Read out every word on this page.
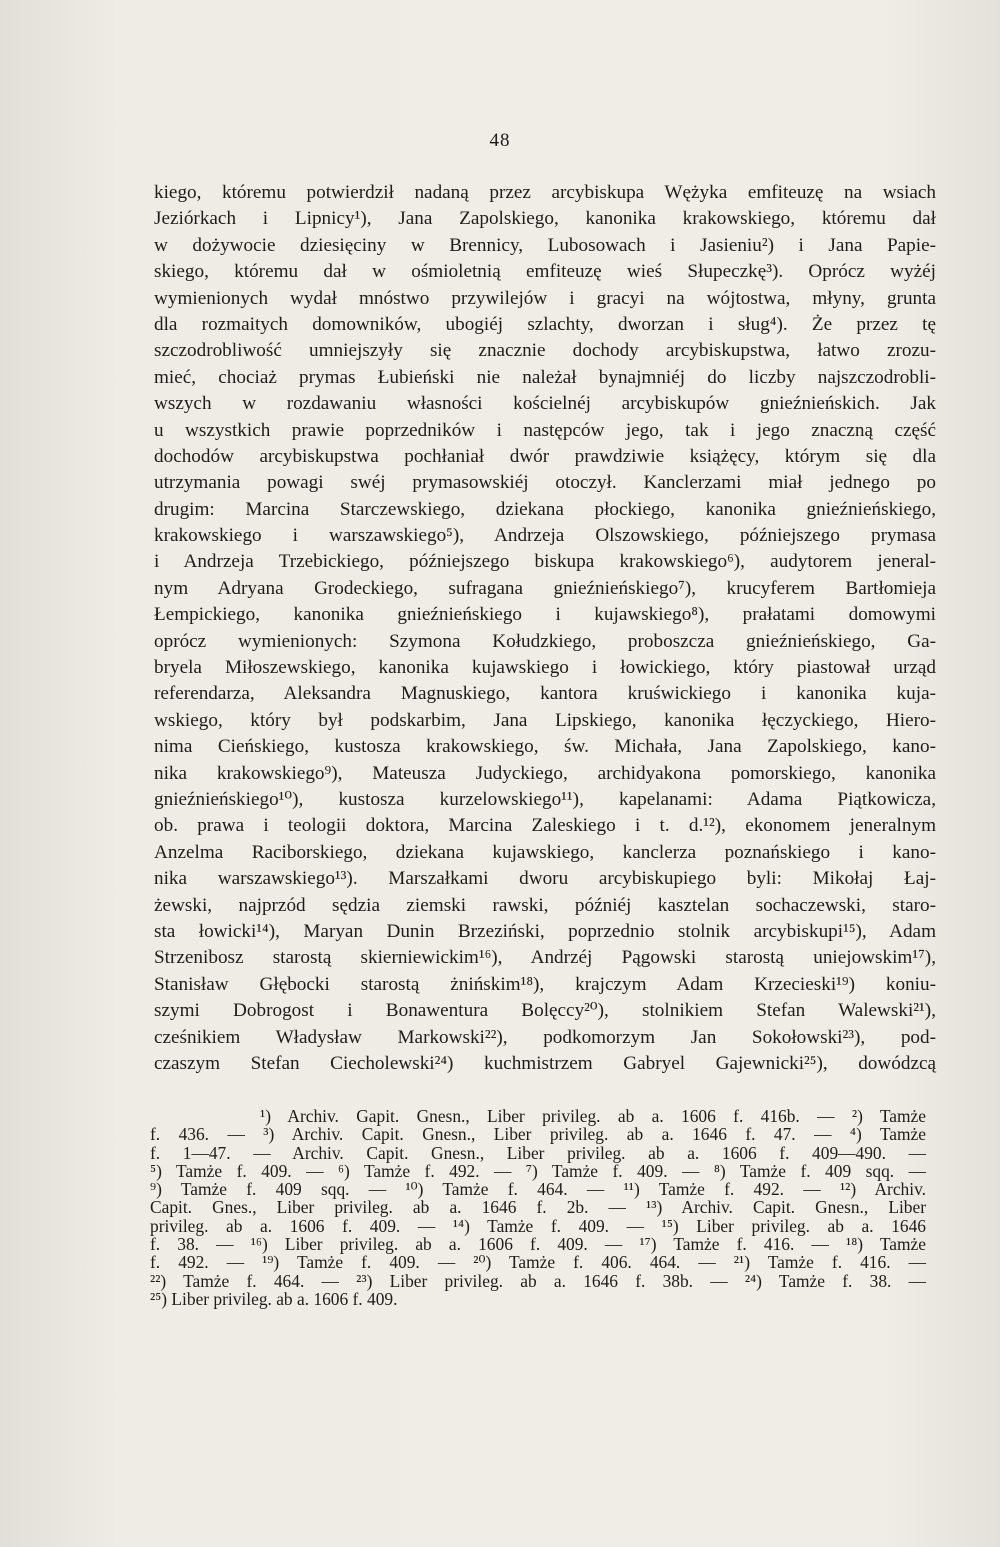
48
kiego, któremu potwierdził nadaną przez arcybiskupa Wężyka emfiteuzę na wsiach
Jeziórkach i Lipnicy¹), Jana Zapolskiego, kanonika krakowskiego, któremu dał
w dożywocie dziesięciny w Brennicy, Lubosowach i Jasieniu²) i Jana Papie-
skiego, któremu dał w ośmioletnią emfiteuzę wieś Słupeczkę³). Oprócz wyżéj
wymienionych wydał mnóstwo przywilejów i gracyi na wójtostwa, młyny, grunta
dla rozmaitych domowników, ubogiéj szlachty, dworzan i sług⁴). Że przez tę
szczodrobliwość umniejszyły się znacznie dochody arcybiskupstwa, łatwo zrozu-
mieć, chociaż prymas Łubieński nie należał bynajmniéj do liczby najszczodrobli-
wszych w rozdawaniu własności kościelnéj arcybiskupów gnieźnieńskich. Jak
u wszystkich prawie poprzedników i następców jego, tak i jego znaczną część
dochodów arcybiskupstwa pochłaniał dwór prawdziwie książęcy, którym się dla
utrzymania powagi swéj prymasowskiéj otoczył. Kanclerzami miał jednego po
drugim: Marcina Starczewskiego, dziekana płockiego, kanonika gnieźnieńskiego,
krakowskiego i warszawskiego⁵), Andrzeja Olszowskiego, późniejszego prymasa
i Andrzeja Trzebickiego, późniejszego biskupa krakowskiego⁶), audytorem jeneral-
nym Adryana Grodeckiego, sufragana gnieźnieńskiego⁷), krucyferem Bartłomieja
Łempickiego, kanonika gnieźnieńskiego i kujawskiego⁸), prałatami domowymi
oprócz wymienionych: Szymona Kołudzkiego, proboszcza gnieźnieńskiego, Ga-
bryela Miłoszewskiego, kanonika kujawskiego i łowickiego, który piastował urząd
referendarza, Aleksandra Magnuskiego, kantora kruświckiego i kanonika kuja-
wskiego, który był podskarbim, Jana Lipskiego, kanonika łęczyckiego, Hiero-
nima Cieńskiego, kustosza krakowskiego, św. Michała, Jana Zapolskiego, kano-
nika krakowskiego⁹), Mateusza Judyckiego, archidyakona pomorskiego, kanonika
gnieźnieńskiego¹⁰), kustosza kurzelowskiego¹¹), kapelanami: Adama Piątkowicza,
ob. prawa i teologii doktora, Marcina Zaleskiego i t. d.¹²), ekonomem jeneralnym
Anzelma Raciborskiego, dziekana kujawskiego, kanclerza poznańskiego i kano-
nika warszawskiego¹³). Marszałkami dworu arcybiskupiego byli: Mikołaj Łaj-
żewski, najprzód sędzia ziemski rawski, późniéj kasztelan sochaczewski, staro-
sta łowicki¹⁴), Maryan Dunin Brzeziński, poprzednio stolnik arcybiskupi¹⁵), Adam
Strzenibosz starostą skierniewickim¹⁶), Andrzéj Pągowski starostą uniejowskim¹⁷),
Stanisław Głębocki starostą żnińskim¹⁸), krajczym Adam Krzecieski¹⁹) koniu-
szymi Dobrogost i Bonawentura Bolęccy²⁰), stolnikiem Stefan Walewski²¹),
cześnikiem Władysław Markowski²²), podkomorzym Jan Sokołowski²³), pod-
czaszym Stefan Ciecholewski²⁴) kuchmistrzem Gabryel Gajewnicki²⁵), dowódzcą
¹) Archiv. Gapit. Gnesn., Liber privileg. ab a. 1606 f. 416b. — ²) Tamże
f. 436. — ³) Archiv. Capit. Gnesn., Liber privileg. ab a. 1646 f. 47. — ⁴) Tamże
f. 1—47. — Archiv. Capit. Gnesn., Liber privileg. ab a. 1606 f. 409—490. —
⁵) Tamże f. 409. — ⁶) Tamże f. 492. — ⁷) Tamże f. 409. — ⁸) Tamże f. 409 sqq. —
⁹) Tamże f. 409 sqq. — ¹⁰) Tamże f. 464. — ¹¹) Tamże f. 492. — ¹²) Archiv.
Capit. Gnes., Liber privileg. ab a. 1646 f. 2b. — ¹³) Archiv. Capit. Gnesn., Liber
privileg. ab a. 1606 f. 409. — ¹⁴) Tamże f. 409. — ¹⁵) Liber privileg. ab a. 1646
f. 38. — ¹⁶) Liber privileg. ab a. 1606 f. 409. — ¹⁷) Tamże f. 416. — ¹⁸) Tamże
f. 492. — ¹⁹) Tamże f. 409. — ²⁰) Tamże f. 406. 464. — ²¹) Tamże f. 416. —
²²) Tamże f. 464. — ²³) Liber privileg. ab a. 1646 f. 38b. — ²⁴) Tamże f. 38. —
²⁵) Liber privileg. ab a. 1606 f. 409.
